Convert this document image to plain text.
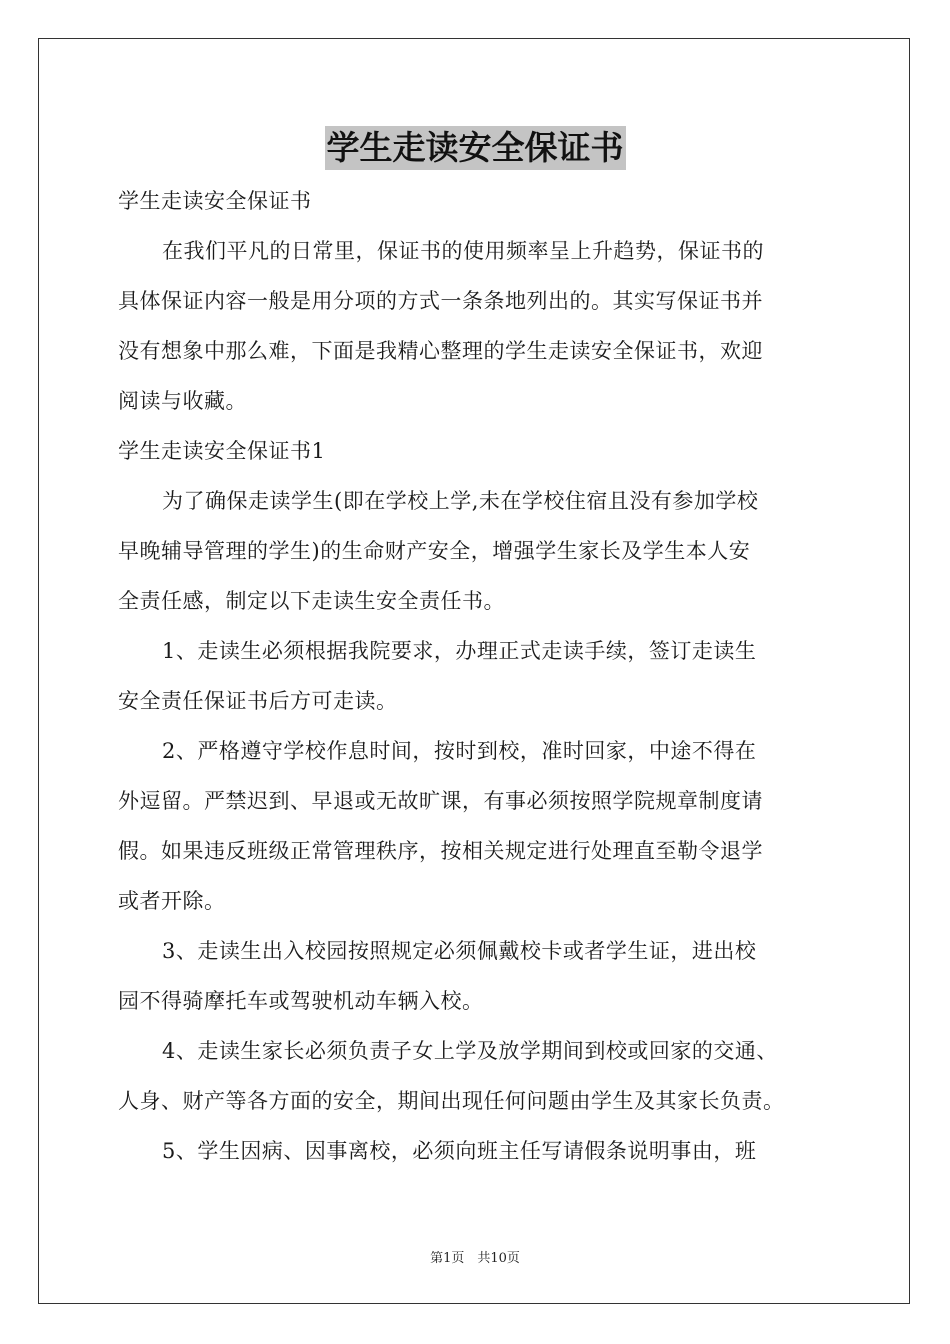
学生走读安全保证书
学生走读安全保证书
在我们平凡的日常里，保证书的使用频率呈上升趋势，保证书的
具体保证内容一般是用分项的方式一条条地列出的。其实写保证书并
没有想象中那么难，下面是我精心整理的学生走读安全保证书，欢迎
阅读与收藏。
学生走读安全保证书1
为了确保走读学生(即在学校上学,未在学校住宿且没有参加学校
早晚辅导管理的学生)的生命财产安全，增强学生家长及学生本人安
全责任感，制定以下走读生安全责任书。
1、走读生必须根据我院要求，办理正式走读手续，签订走读生
安全责任保证书后方可走读。
2、严格遵守学校作息时间，按时到校，准时回家，中途不得在
外逗留。严禁迟到、早退或无故旷课，有事必须按照学院规章制度请
假。如果违反班级正常管理秩序，按相关规定进行处理直至勒令退学
或者开除。
3、走读生出入校园按照规定必须佩戴校卡或者学生证，进出校
园不得骑摩托车或驾驶机动车辆入校。
4、走读生家长必须负责子女上学及放学期间到校或回家的交通、
人身、财产等各方面的安全，期间出现任何问题由学生及其家长负责。
5、学生因病、因事离校，必须向班主任写请假条说明事由，班
第1页　共10页
